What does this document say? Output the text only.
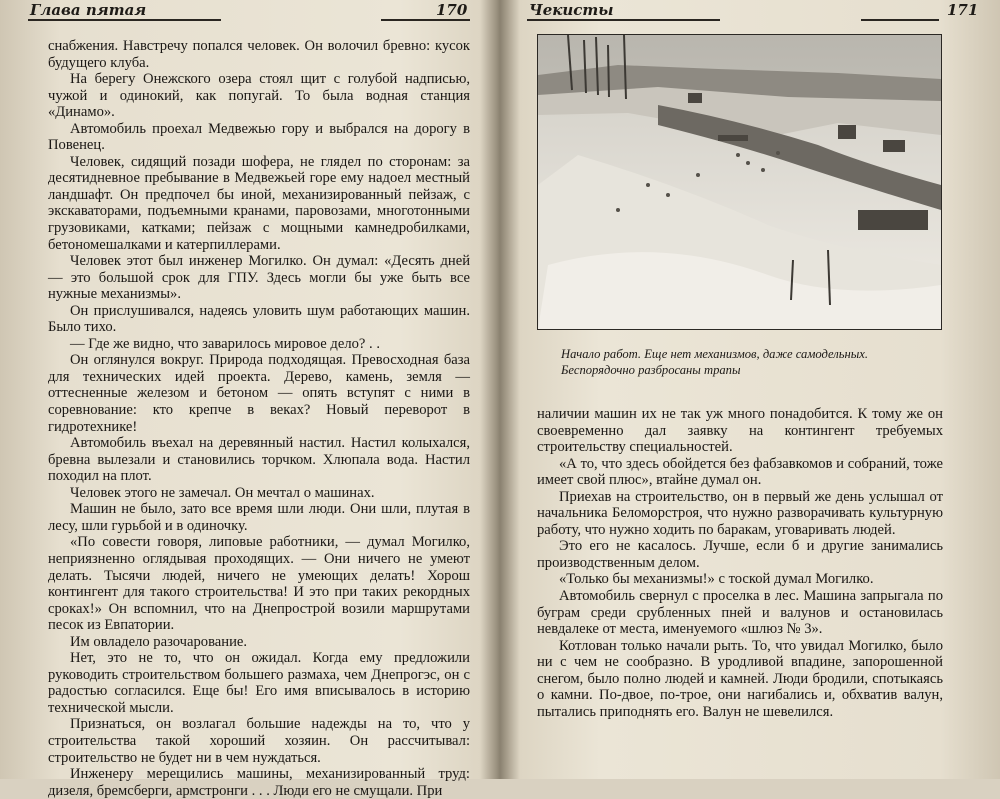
Глава пятая	170

снабжения. Навстречу попался человек. Он волочил бревно: кусок будущего клуба.

На берегу Онежского озера стоял щит с голубой надписью, чужой и одинокий, как попугай. То была водная станция «Динамо».

Автомобиль проехал Медвежью гору и выбрался на дорогу в Повенец.

Человек, сидящий позади шофера, не глядел по сторонам: за десятидневное пребывание в Медвежьей горе ему надоел местный ландшафт. Он предпочел бы иной, механизированный пейзаж, с экскаваторами, подъемными кранами, паровозами, многотонными грузовиками, катками; пейзаж с мощными камнедробилками, бетономешалками и катерпиллерами.

Человек этот был инженер Могилко. Он думал: «Десять дней — это большой срок для ГПУ. Здесь могли бы уже быть все нужные механизмы».

Он прислушивался, надеясь уловить шум работающих машин. Было тихо.

— Где же видно, что заварилось мировое дело? . .

Он оглянулся вокруг. Природа подходящая. Превосходная база для технических идей проекта. Дерево, камень, земля — оттесненные железом и бетоном — опять вступят с ними в соревнование: кто крепче в веках? Новый переворот в гидротехнике!

Автомобиль въехал на деревянный настил. Настил колыхался, бревна вылезали и становились торчком. Хлюпала вода. Настил походил на плот.

Человек этого не замечал. Он мечтал о машинах.

Машин не было, зато все время шли люди. Они шли, плутая в лесу, шли гурьбой и в одиночку.

«По совести говоря, липовые работники, — думал Могилко, неприязненно оглядывая проходящих. — Они ничего не умеют делать. Тысячи людей, ничего не умеющих делать! Хорош контингент для такого строительства! И это при таких рекордных сроках!» Он вспомнил, что на Днепрострой возили маршрутами песок из Евпатории.

Им овладело разочарование.

Нет, это не то, что он ожидал. Когда ему предложили руководить строительством большего размаха, чем Днепрогэс, он с радостью согласился. Еще бы! Его имя вписывалось в историю технической мысли.

Признаться, он возлагал большие надежды на то, что у строительства такой хороший хозяин. Он рассчитывал: строительство не будет ни в чем нуждаться.

Инженеру мерещились машины, механизированный труд: дизеля, бремсберги, армстронги . . . Люди его не смущали. При

Чекисты	171
Начало работ. Еще нет механизмов, даже самодельных. Беспорядочно разбросаны трапы

наличии машин их не так уж много понадобится. К тому же он своевременно дал заявку на контингент требуемых строительству специальностей.

«А то, что здесь обойдется без фабзавкомов и собраний, тоже имеет свой плюс», втайне думал он.

Приехав на строительство, он в первый же день услышал от начальника Беломорстроя, что нужно разворачивать культурную работу, что нужно ходить по баракам, уговаривать людей.

Это его не касалось. Лучше, если б и другие занимались производственным делом.

«Только бы механизмы!» с тоской думал Могилко.

Автомобиль свернул с проселка в лес. Машина запрыгала по буграм среди срубленных пней и валунов и остановилась невдалеке от места, именуемого «шлюз № 3».

Котлован только начали рыть. То, что увидал Могилко, было ни с чем не сообразно. В уродливой впадине, запорошенной снегом, было полно людей и камней. Люди бродили, спотыкаясь о камни. По-двое, по-трое, они нагибались и, обхватив валун, пытались приподнять его. Валун не шевелился.
